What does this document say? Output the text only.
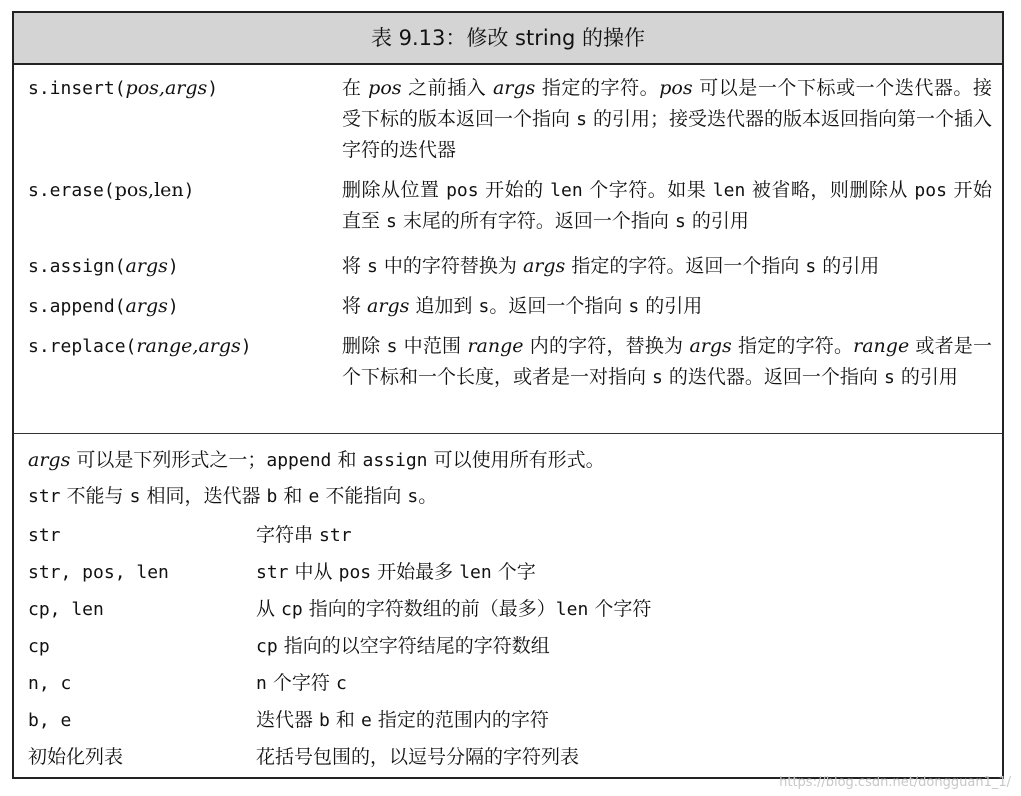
表 9.13：修改 string 的操作
s.insert(pos,args)	在 pos 之前插入 args 指定的字符。pos 可以是一个下标或一个迭代器。接受下标的版本返回一个指向 s 的引用；接受迭代器的版本返回指向第一个插入字符的迭代器
s.erase(pos,len)	删除从位置 pos 开始的 len 个字符。如果 len 被省略，则删除从 pos 开始直至 s 末尾的所有字符。返回一个指向 s 的引用
s.assign(args)	将 s 中的字符替换为 args 指定的字符。返回一个指向 s 的引用
s.append(args)	将 args 追加到 s。返回一个指向 s 的引用
s.replace(range,args)	删除 s 中范围 range 内的字符，替换为 args 指定的字符。range 或者是一个下标和一个长度，或者是一对指向 s 的迭代器。返回一个指向 s 的引用
args 可以是下列形式之一；append 和 assign 可以使用所有形式。
str 不能与 s 相同，迭代器 b 和 e 不能指向 s。
str	字符串 str
str, pos, len	str 中从 pos 开始最多 len 个字
cp, len	从 cp 指向的字符数组的前（最多）len 个字符
cp	cp 指向的以空字符结尾的字符数组
n, c	n 个字符 c
b, e	迭代器 b 和 e 指定的范围内的字符
初始化列表	花括号包围的，以逗号分隔的字符列表
https://blog.csdn.net/dongguan1_1/
